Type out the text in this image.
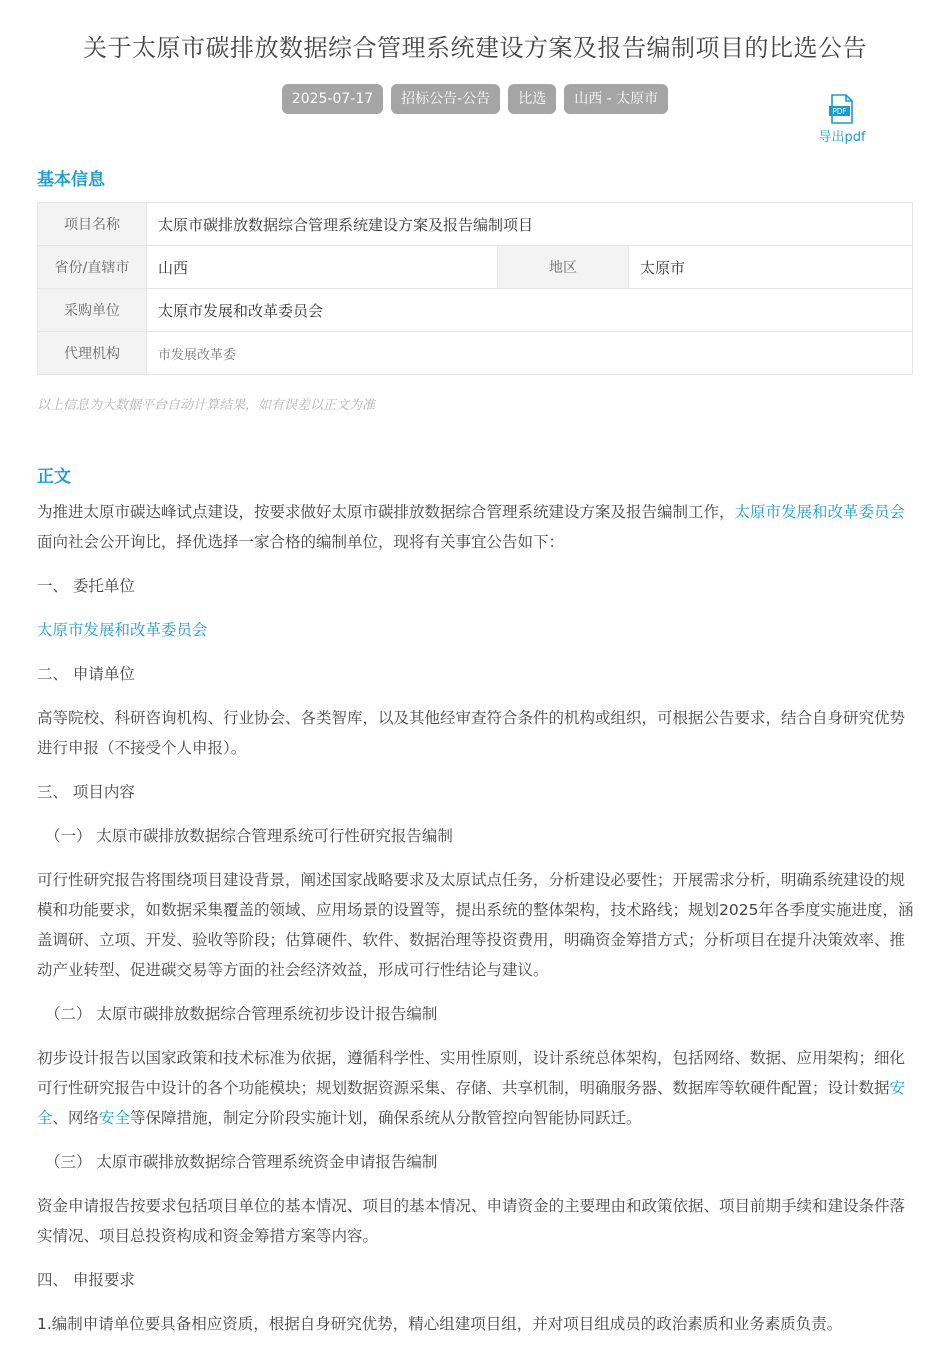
关于太原市碳排放数据综合管理系统建设方案及报告编制项目的比选公告
2025-07-17	招标公告-公告	比选	山西 - 太原市
PDF
导出pdf
基本信息
项目名称	太原市碳排放数据综合管理系统建设方案及报告编制项目		
省份/直辖市	山西	地区	太原市
采购单位	太原市发展和改革委员会		
代理机构	市发展改革委		
以上信息为大数据平台自动计算结果，如有误差以正文为准
正文

为推进太原市碳达峰试点建设，按要求做好太原市碳排放数据综合管理系统建设方案及报告编制工作，太原市发展和改革委员会面向社会公开询比，择优选择一家合格的编制单位，现将有关事宜公告如下：

一、 委托单位

太原市发展和改革委员会

二、 申请单位

高等院校、科研咨询机构、行业协会、各类智库，以及其他经审查符合条件的机构或组织，可根据公告要求，结合自身研究优势进行申报（不接受个人申报）。

三、 项目内容

（一） 太原市碳排放数据综合管理系统可行性研究报告编制

可行性研究报告将围绕项目建设背景，阐述国家战略要求及太原试点任务，分析建设必要性；开展需求分析，明确系统建设的规模和功能要求，如数据采集覆盖的领域、应用场景的设置等，提出系统的整体架构，技术路线；规划2025年各季度实施进度，涵盖调研、立项、开发、验收等阶段；估算硬件、软件、数据治理等投资费用，明确资金筹措方式；分析项目在提升决策效率、推动产业转型、促进碳交易等方面的社会经济效益，形成可行性结论与建议。

（二） 太原市碳排放数据综合管理系统初步设计报告编制

初步设计报告以国家政策和技术标准为依据，遵循科学性、实用性原则，设计系统总体架构，包括网络、数据、应用架构；细化可行性研究报告中设计的各个功能模块；规划数据资源采集、存储、共享机制，明确服务器、数据库等软硬件配置；设计数据安全、网络安全等保障措施，制定分阶段实施计划，确保系统从分散管控向智能协同跃迁。

（三） 太原市碳排放数据综合管理系统资金申请报告编制

资金申请报告按要求包括项目单位的基本情况、项目的基本情况、申请资金的主要理由和政策依据、项目前期手续和建设条件落实情况、项目总投资构成和资金筹措方案等内容。

四、 申报要求

1.编制申请单位要具备相应资质，根据自身研究优势，精心组建项目组，并对项目组成员的政治素质和业务素质负责。
